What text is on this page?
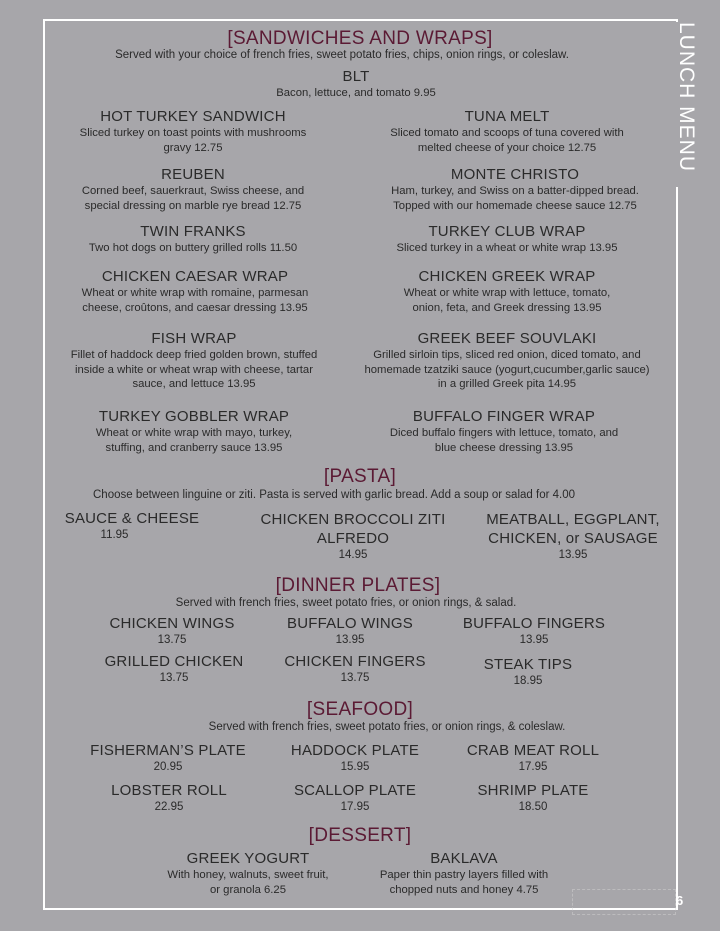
LUNCH MENU
6
[SANDWICHES AND WRAPS]
Served with your choice of french fries, sweet potato fries, chips, onion rings, or coleslaw.
BLT
Bacon, lettuce, and tomato 9.95
HOT TURKEY SANDWICH
Sliced turkey on toast points with mushrooms gravy 12.75
TUNA MELT
Sliced tomato and scoops of tuna covered with melted cheese of your choice 12.75
REUBEN
Corned beef, sauerkraut, Swiss cheese, and special dressing on marble rye bread 12.75
MONTE CHRISTO
Ham, turkey, and Swiss on a batter-dipped bread. Topped with our homemade cheese sauce 12.75
TWIN FRANKS
Two hot dogs on buttery grilled rolls 11.50
TURKEY CLUB WRAP
Sliced turkey in a wheat or white wrap 13.95
CHICKEN CAESAR WRAP
Wheat or white wrap with romaine, parmesan cheese, croûtons, and caesar dressing 13.95
CHICKEN GREEK WRAP
Wheat or white wrap with lettuce, tomato, onion, feta, and Greek dressing 13.95
FISH WRAP
Fillet of haddock deep fried golden brown, stuffed inside a white or wheat wrap with cheese, tartar sauce, and lettuce 13.95
GREEK BEEF SOUVLAKI
Grilled sirloin tips, sliced red onion, diced tomato, and homemade tzatziki sauce (yogurt,cucumber,garlic sauce) in a grilled Greek pita 14.95
TURKEY GOBBLER WRAP
Wheat or white wrap with mayo, turkey, stuffing, and cranberry sauce 13.95
BUFFALO FINGER WRAP
Diced buffalo fingers with lettuce, tomato, and blue cheese dressing 13.95
[PASTA]
Choose between linguine or ziti. Pasta is served with garlic bread. Add a soup or salad for 4.00
SAUCE & CHEESE
11.95
CHICKEN BROCCOLI ZITI ALFREDO
14.95
MEATBALL, EGGPLANT, CHICKEN, or SAUSAGE
13.95
[DINNER PLATES]
Served with french fries, sweet potato fries, or onion rings, & salad.
CHICKEN WINGS
13.75
BUFFALO WINGS
13.95
BUFFALO FINGERS
13.95
GRILLED CHICKEN
13.75
CHICKEN FINGERS
13.75
STEAK TIPS
18.95
[SEAFOOD]
Served with french fries, sweet potato fries, or onion rings, & coleslaw.
FISHERMAN’S PLATE
20.95
HADDOCK PLATE
15.95
CRAB MEAT ROLL
17.95
LOBSTER ROLL
22.95
SCALLOP PLATE
17.95
SHRIMP PLATE
18.50
[DESSERT]
GREEK YOGURT
With honey, walnuts, sweet fruit, or granola 6.25
BAKLAVA
Paper thin pastry layers filled with chopped nuts and honey 4.75
